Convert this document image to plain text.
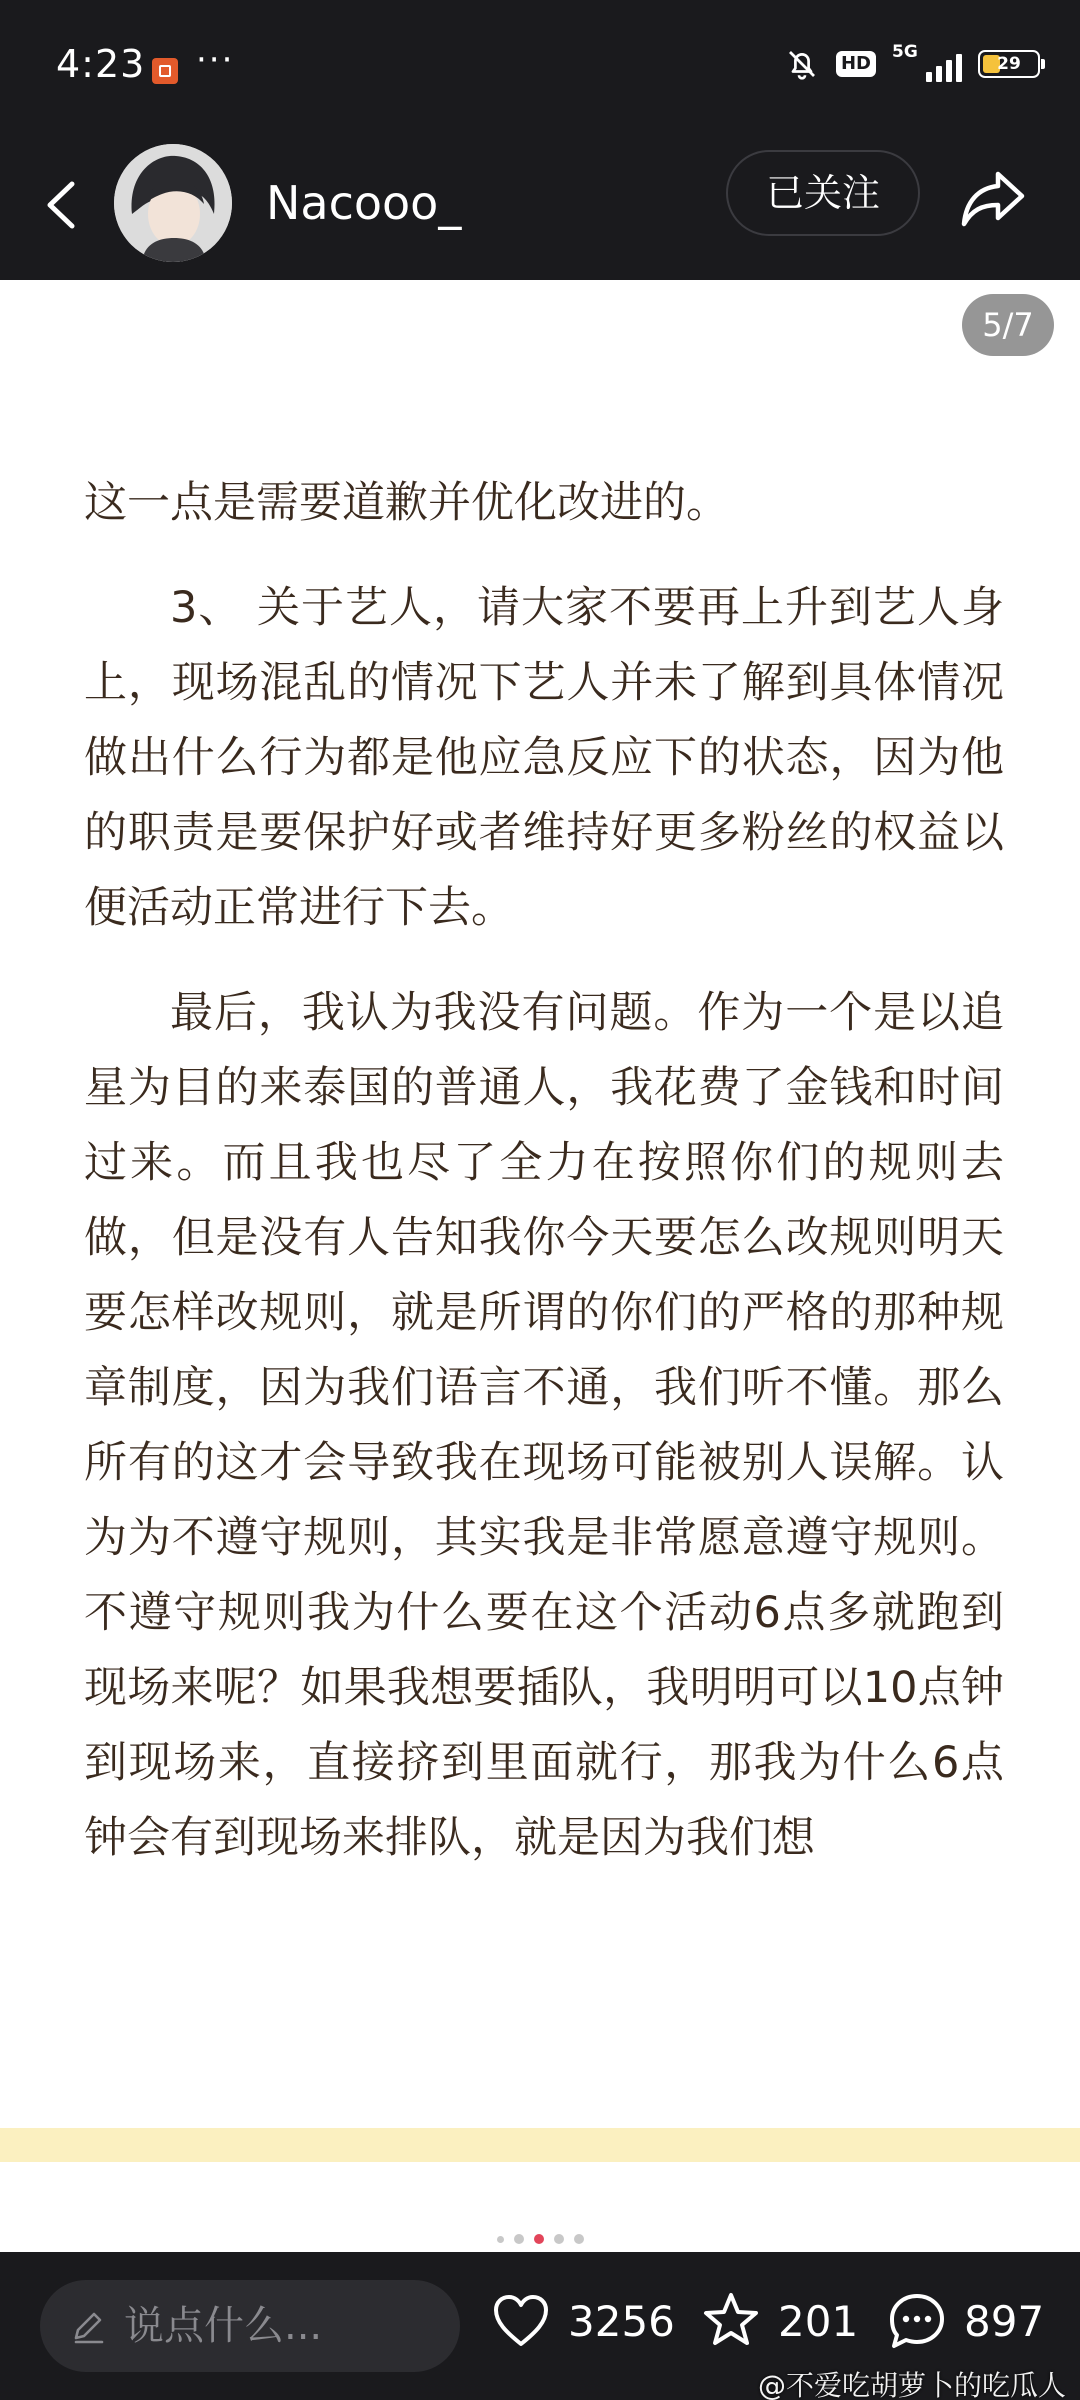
4:23 ···	HD
5G
29
Nacooo_	已关注
5/7

这一点是需要道歉并优化改进的。

3、 关于艺人，请大家不要再上升到艺人身上，现场混乱的情况下艺人并未了解到具体情况 做出什么行为都是他应急反应下的状态，因为他的职责是要保护好或者维持好更多粉丝的权益以便活动正常进行下去。

最后，我认为我没有问题。作为一个是以追星为目的来泰国的普通人，我花费了金钱和时间过来。而且我也尽了全力在按照你们的规则去做，但是没有人告知我你今天要怎么改规则明天要怎样改规则，就是所谓的你们的严格的那种规章制度，因为我们语言不通，我们听不懂。那么所有的这才会导致我在现场可能被别人误解。认为为不遵守规则，其实我是非常愿意遵守规则。不遵守规则我为什么要在这个活动6点多就跑到现场来呢？如果我想要插队，我明明可以10点钟到现场来，直接挤到里面就行，那我为什么6点钟会有到现场来排队，就是因为我们想

说点什么...	3256 201	897
@不爱吃胡萝卜的吃瓜人
